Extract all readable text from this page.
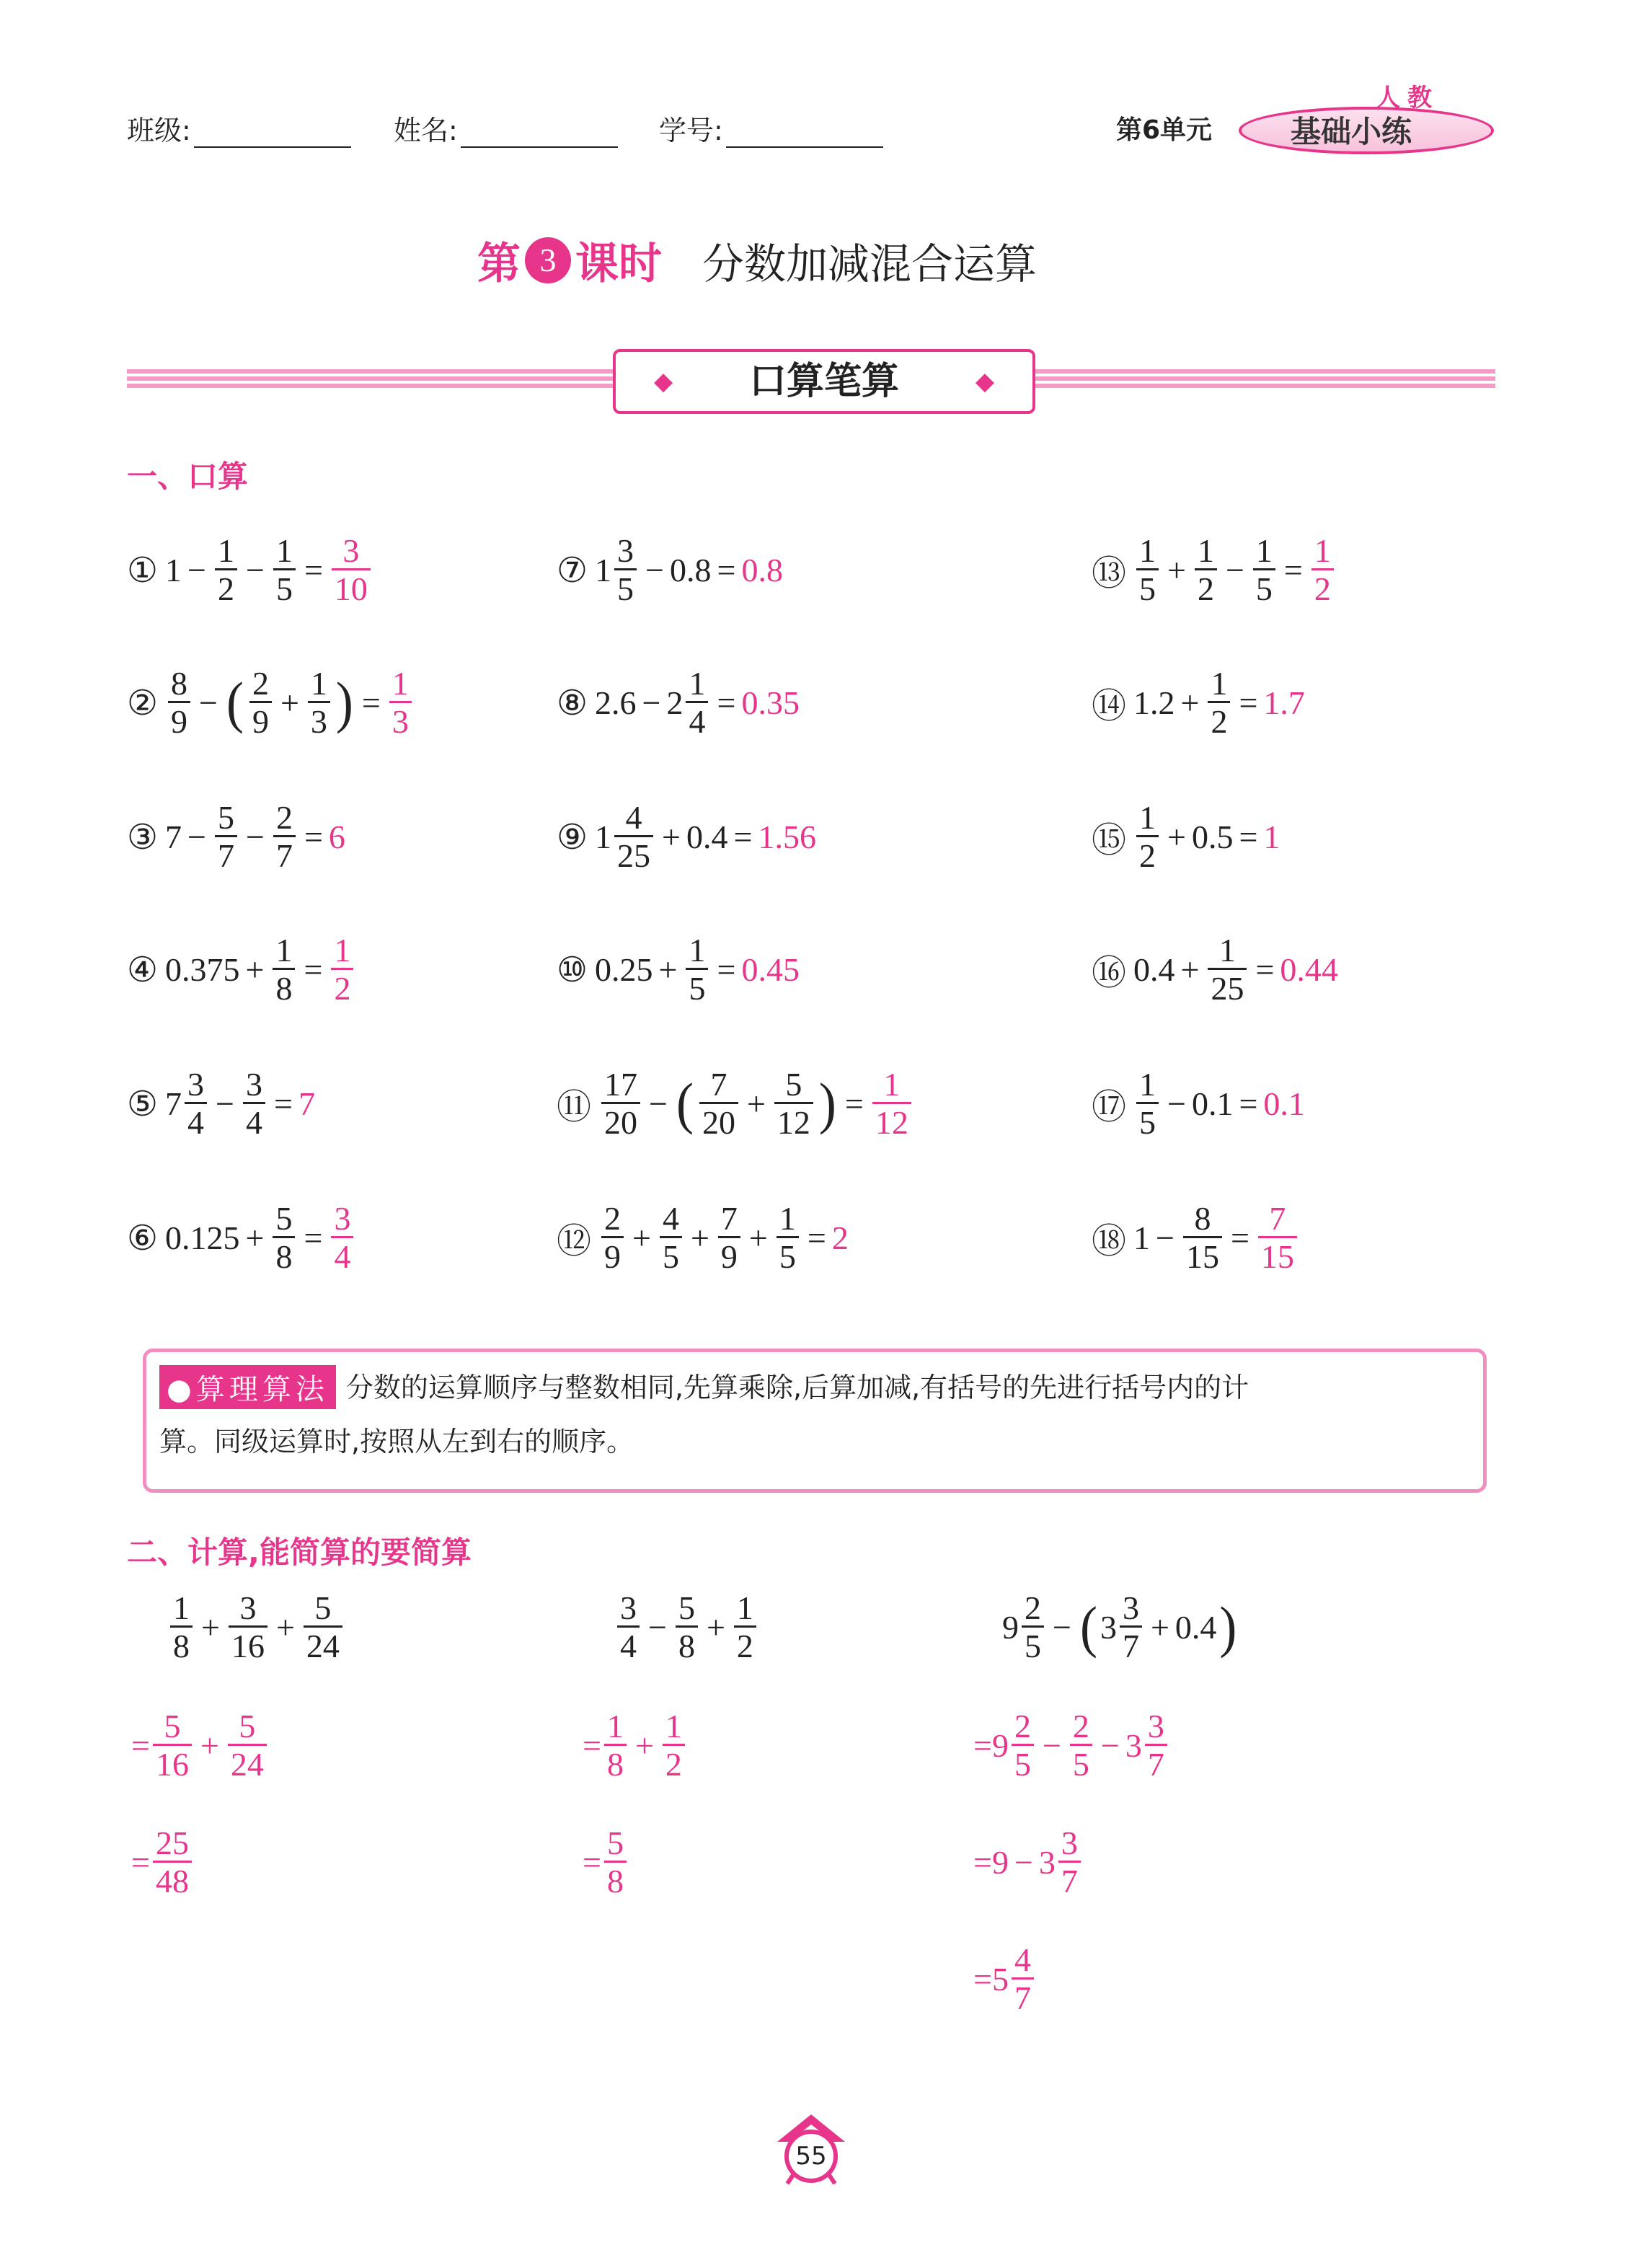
班级:	姓名:	学号:	第6单元
人教
基础小练
第 3 课时 分数加减混合运算
◆ 口算笔算	◆
一、口算
① $1 - \frac{1}{2} - \frac{1}{5} = \frac{3}{10}$
② $\frac{8}{9}$ − ( $\frac{2}{9} + \frac{1}{3}$ ) = $\frac{1}{3}$
③ $7 - \frac{5}{7} - \frac{2}{7} = 6$
④ $0.375 + \frac{1}{8} = \frac{1}{2}$
⑤ $7 \frac{3}{4} - \frac{3}{4} = 7$
⑥ $0.125 + \frac{5}{8} = \frac{3}{4}$
⑦ $1 \frac{3}{5} - 0.8 = 0.8$
⑧ $2.6 - 2 \frac{1}{4} = 0.35$
⑨ $1 \frac{4}{25} + 0.4 = 1.56$
⑩ $0.25 + \frac{1}{5} = 0.45$
⑪ $\frac{17}{20}$ − ( $\frac{7}{20} + \frac{5}{12}$ ) = $\frac{1}{12}$
⑫ $\frac{2}{9} + \frac{4}{5} + \frac{7}{9} + \frac{1}{5} = 2$
⑬ $\frac{1}{5} + \frac{1}{2} - \frac{1}{5} = \frac{1}{2}$
⑭ $1.2 + \frac{1}{2} = 1.7$
⑮ $\frac{1}{2} + 0.5 = 1$
⑯ $0.4 + \frac{1}{25} = 0.44$
⑰ $\frac{1}{5} - 0.1 = 0.1$
⑱ $1 - \frac{8}{15} = \frac{7}{15}$
●算理算法 分数的运算顺序与整数相同,先算乘除,后算加减,有括号的先进行括号内的计
算。同级运算时,按照从左到右的顺序。
二、计算,能简算的要简算
$\frac{1}{8} + \frac{3}{16} + \frac{5}{24}$
= $\frac{5}{16} + \frac{5}{24}$
= $\frac{25}{48}$
$\frac{3}{4} - \frac{5}{8} + \frac{1}{2}$
= $\frac{1}{8} + \frac{1}{2}$
= $\frac{5}{8}$
$9 \frac{2}{5}$ − ( $3 \frac{3}{7} + 0.4$ )
= $9 \frac{2}{5} - \frac{2}{5} - 3 \frac{3}{7}$
$=9 - 3 \frac{3}{7}$
= $5 \frac{4}{7}$
55
